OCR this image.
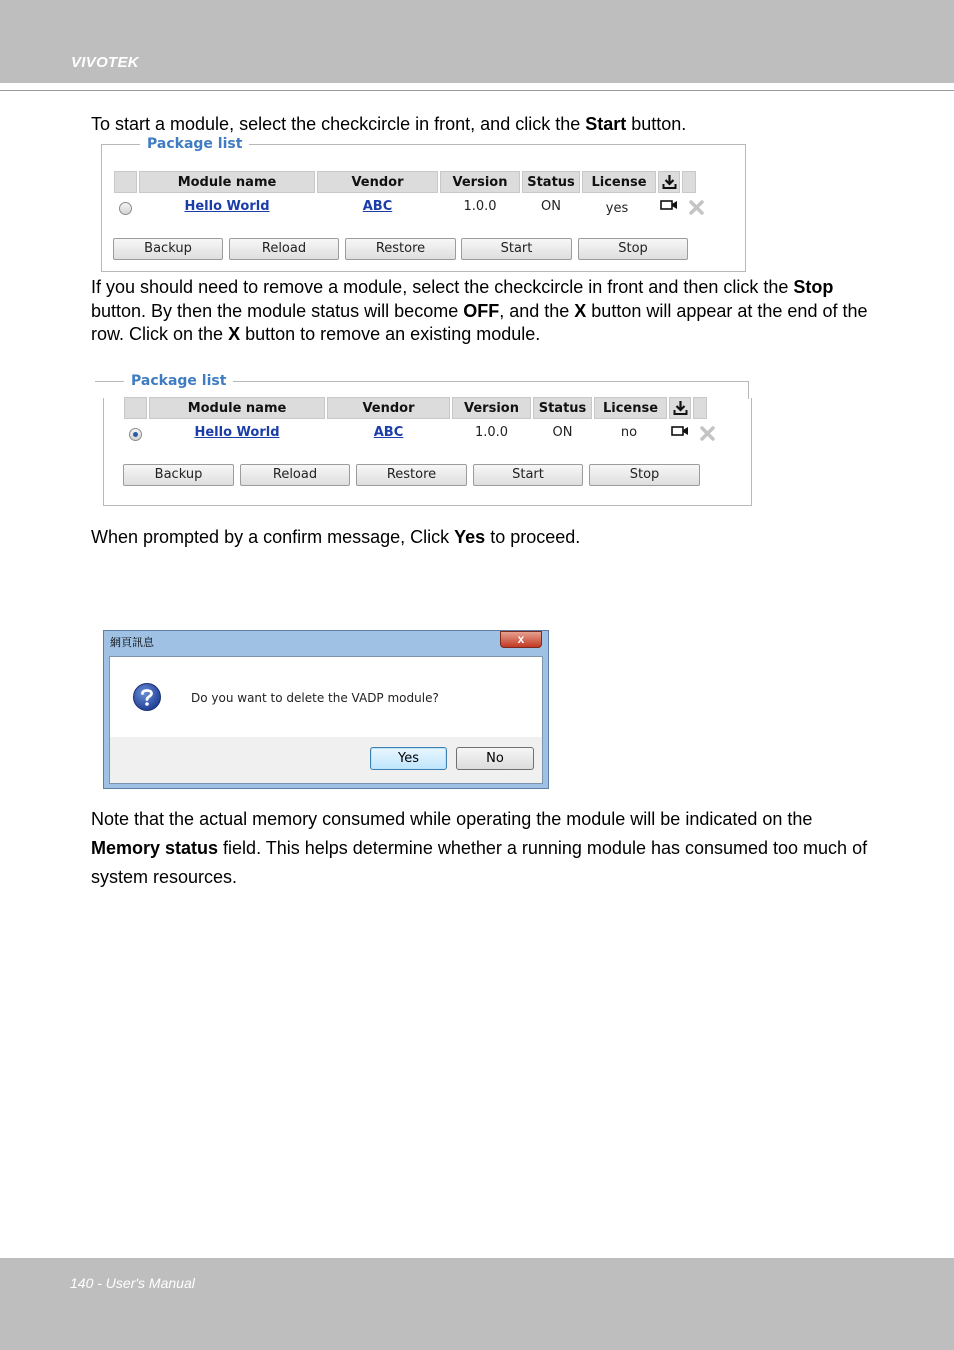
VIVOTEK
To start a module, select the checkcircle in front, and click the Start button.
Package list
Module name	Vendor	Version	Status	License
Hello World	ABC	1.0.0	ON	yes
Backup	Reload	Restore	Start	Stop
If you should need to remove a module, select the checkcircle in front and then click the Stop button. By then the module status will become OFF, and the X button will appear at the end of the row. Click on the X button to remove an existing module.
Package list
Module name	Vendor	Version	Status	License
Hello World	ABC	1.0.0	ON	no
Backup	Reload	Restore	Start	Stop
When prompted by a confirm message, Click Yes to proceed.
網頁訊息	x
Do you want to delete the VADP module?
Yes	No
Note that the actual memory consumed while operating the module will be indicated on the Memory status field. This helps determine whether a running module has consumed too much of system resources.
140 - User's Manual
